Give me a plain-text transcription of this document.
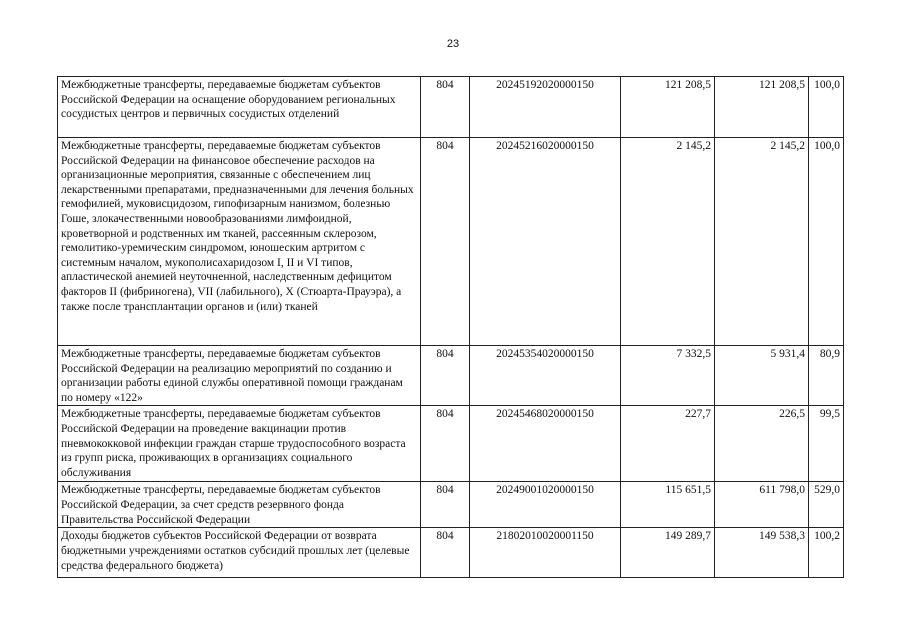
23
Межбюджетные трансферты, передаваемые бюджетам субъектов Российской Федерации на оснащение оборудованием региональных сосудистых центров и первичных сосудистых отделений	804	20245192020000150	121 208,5	121 208,5	100,0
Межбюджетные трансферты, передаваемые бюджетам субъектов Российской Федерации на финансовое обеспечение расходов на организационные мероприятия, связанные с обеспечением лиц лекарственными препаратами, предназначенными для лечения больных гемофилией, муковисцидозом, гипофизарным нанизмом, болезнью Гоше, злокачественными новообразованиями лимфоидной, кроветворной и родственных им тканей, рассеянным склерозом, гемолитико-уремическим синдромом, юношеским артритом с системным началом, мукополисахаридозом I, II и VI типов, апластической анемией неуточненной, наследственным дефицитом факторов II (фибриногена), VII (лабильного), X (Стюарта-Прауэра), а также после трансплантации органов и (или) тканей	804	20245216020000150	2 145,2	2 145,2	100,0
Межбюджетные трансферты, передаваемые бюджетам субъектов Российской Федерации на реализацию мероприятий по созданию и организации работы единой службы оперативной помощи гражданам по номеру «122»	804	20245354020000150	7 332,5	5 931,4	80,9
Межбюджетные трансферты, передаваемые бюджетам субъектов Российской Федерации на проведение вакцинации против пневмококковой инфекции граждан старше трудоспособного возраста из групп риска, проживающих в организациях социального обслуживания	804	20245468020000150	227,7	226,5	99,5
Межбюджетные трансферты, передаваемые бюджетам субъектов Российской Федерации, за счет средств резервного фонда Правительства Российской Федерации	804	20249001020000150	115 651,5	611 798,0	529,0
Доходы бюджетов субъектов Российской Федерации от возврата бюджетными учреждениями остатков субсидий прошлых лет (целевые средства федерального бюджета)	804	21802010020001150	149 289,7	149 538,3	100,2
